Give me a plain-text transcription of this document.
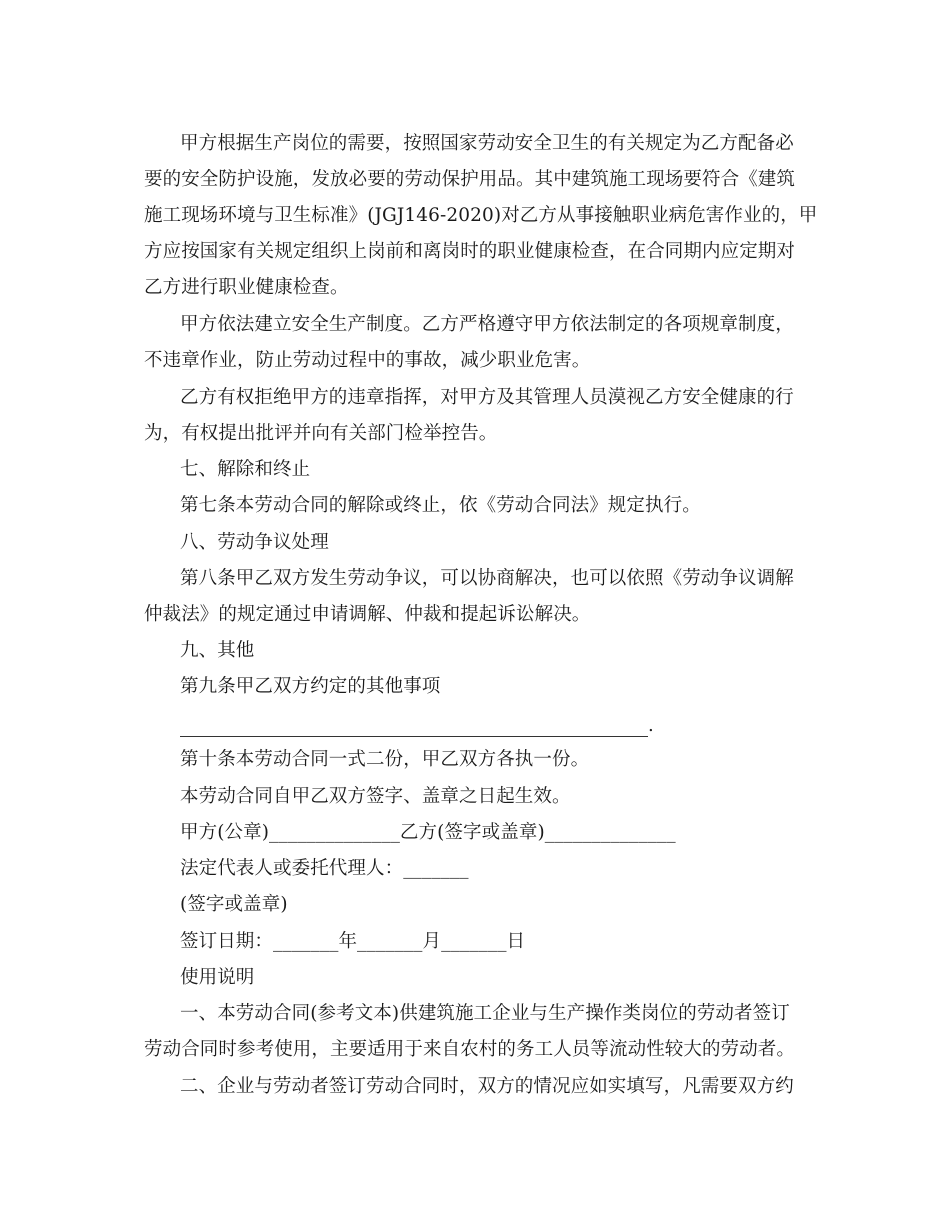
甲方根据生产岗位的需要，按照国家劳动安全卫生的有关规定为乙方配备必
要的安全防护设施，发放必要的劳动保护用品。其中建筑施工现场要符合《建筑
施工现场环境与卫生标准》(JGJ146-2020)对乙方从事接触职业病危害作业的，甲
方应按国家有关规定组织上岗前和离岗时的职业健康检查，在合同期内应定期对
乙方进行职业健康检查。
甲方依法建立安全生产制度。乙方严格遵守甲方依法制定的各项规章制度，
不违章作业，防止劳动过程中的事故，减少职业危害。
乙方有权拒绝甲方的违章指挥，对甲方及其管理人员漠视乙方安全健康的行
为，有权提出批评并向有关部门检举控告。
七、解除和终止
第七条本劳动合同的解除或终止，依《劳动合同法》规定执行。
八、劳动争议处理
第八条甲乙双方发生劳动争议，可以协商解决，也可以依照《劳动争议调解
仲裁法》的规定通过申请调解、仲裁和提起诉讼解决。
九、其他
第九条甲乙双方约定的其他事项
.
第十条本劳动合同一式二份，甲乙双方各执一份。
本劳动合同自甲乙双方签字、盖章之日起生效。
甲方(公章)______________乙方(签字或盖章)______________
法定代表人或委托代理人：_______
(签字或盖章)
签订日期：_______年_______月_______日
使用说明
一、本劳动合同(参考文本)供建筑施工企业与生产操作类岗位的劳动者签订
劳动合同时参考使用，主要适用于来自农村的务工人员等流动性较大的劳动者。
二、企业与劳动者签订劳动合同时，双方的情况应如实填写，凡需要双方约
